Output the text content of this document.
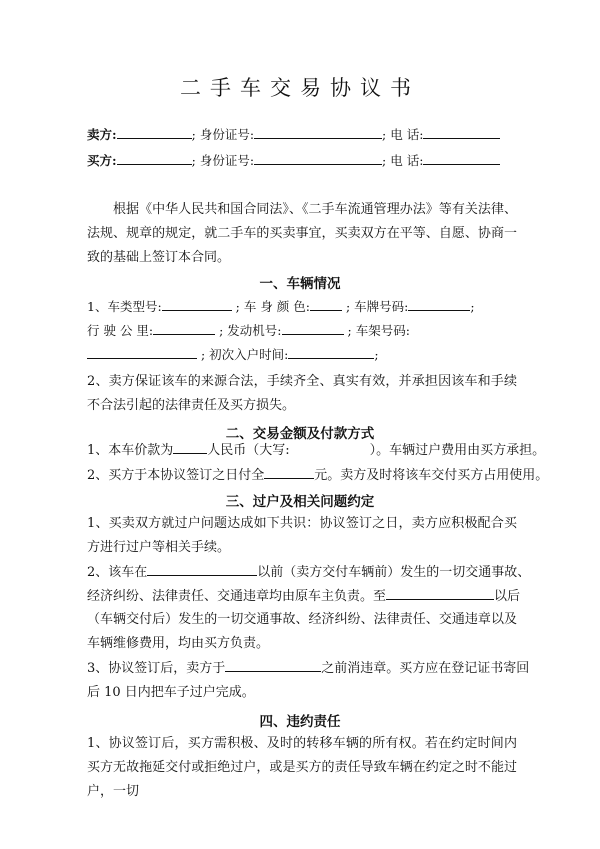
二手车交易协议书
卖方:	; 身份证号:	; 电 话:
买方:	; 身份证号:	; 电 话:
根据《中华人民共和国合同法》、《二手车流通管理办法》等有关法律、法规、规章的规定，就二手车的买卖事宜，买卖双方在平等、自愿、协商一致的基础上签订本合同。
一、车辆情况
1、车类型号:	; 车 身 颜 色:	; 车牌号码:	;
行 驶 公 里:	; 发动机号:	; 车架号码:
; 初次入户时间:	;
2、卖方保证该车的来源合法，手续齐全、真实有效，并承担因该车和手续不合法引起的法律责任及买方损失。
二、交易金额及付款方式
1、本车价款为	人民币（大写:	）。车辆过户费用由买方承担。
2、买方于本协议签订之日付全	元。卖方及时将该车交付买方占用使用。
三、过户及相关问题约定
1、买卖双方就过户问题达成如下共识：协议签订之日，卖方应积极配合买方进行过户等相关手续。
2、该车在	以前（卖方交付车辆前）发生的一切交通事故、
经济纠纷、法律责任、交通违章均由原车主负责。至	以后
（车辆交付后）发生的一切交通事故、经济纠纷、法律责任、交通违章以及车辆维修费用，均由买方负责。
3、协议签订后，卖方于	之前消违章。买方应在登记证书寄回
后 10 日内把车子过户完成。
四、违约责任
1、协议签订后，买方需积极、及时的转移车辆的所有权。若在约定时间内买方无故拖延交付或拒绝过户，或是买方的责任导致车辆在约定之时不能过户，一切
